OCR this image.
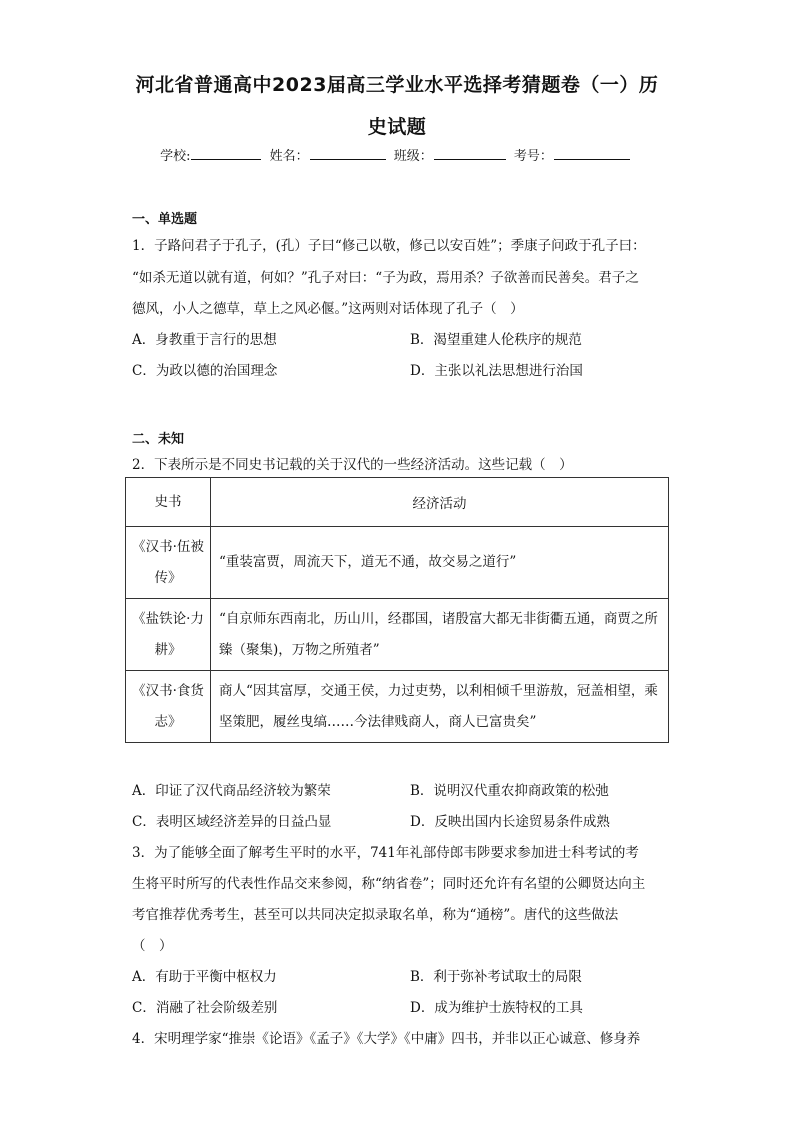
河北省普通高中2023届高三学业水平选择考猜题卷（一）历
史试题
学校:	姓名：	班级：	考号：
一、单选题
1．子路问君子于孔子，(孔）子曰“修己以敬，修己以安百姓”；季康子问政于孔子曰：
“如杀无道以就有道，何如？”孔子对曰：“子为政，焉用杀？子欲善而民善矣。君子之
德风，小人之德草，草上之风必偃。”这两则对话体现了孔子（　）
A．身教重于言行的思想	B．渴望重建人伦秩序的规范
C．为政以德的治国理念	D．主张以礼法思想进行治国
二、未知
2．下表所示是不同史书记载的关于汉代的一些经济活动。这些记载（　）
史书	经济活动
《汉书·伍被传》	“重装富贾，周流天下，道无不通，故交易之道行”
《盐铁论·力耕》	“自京师东西南北，历山川，经郡国，诸殷富大都无非街衢五通，商贾之所臻（聚集)，万物之所殖者”
《汉书·食货志》	商人“因其富厚，交通王侯，力过吏势，以利相倾千里游敖，冠盖相望，乘坚策肥，履丝曳缟……今法律贱商人，商人已富贵矣”
A．印证了汉代商品经济较为繁荣	B．说明汉代重农抑商政策的松弛
C．表明区域经济差异的日益凸显	D．反映出国内长途贸易条件成熟
3．为了能够全面了解考生平时的水平，741年礼部侍郎韦陟要求参加进士科考试的考
生将平时所写的代表性作品交来参阅，称“纳省卷”；同时还允许有名望的公卿贤达向主
考官推荐优秀考生，甚至可以共同决定拟录取名单，称为“通榜”。唐代的这些做法
（　）
A．有助于平衡中枢权力	B．利于弥补考试取士的局限
C．消融了社会阶级差别	D．成为维护士族特权的工具
4．宋明理学家“推崇《论语》《孟子》《大学》《中庸》四书，并非以正心诚意、修身养
